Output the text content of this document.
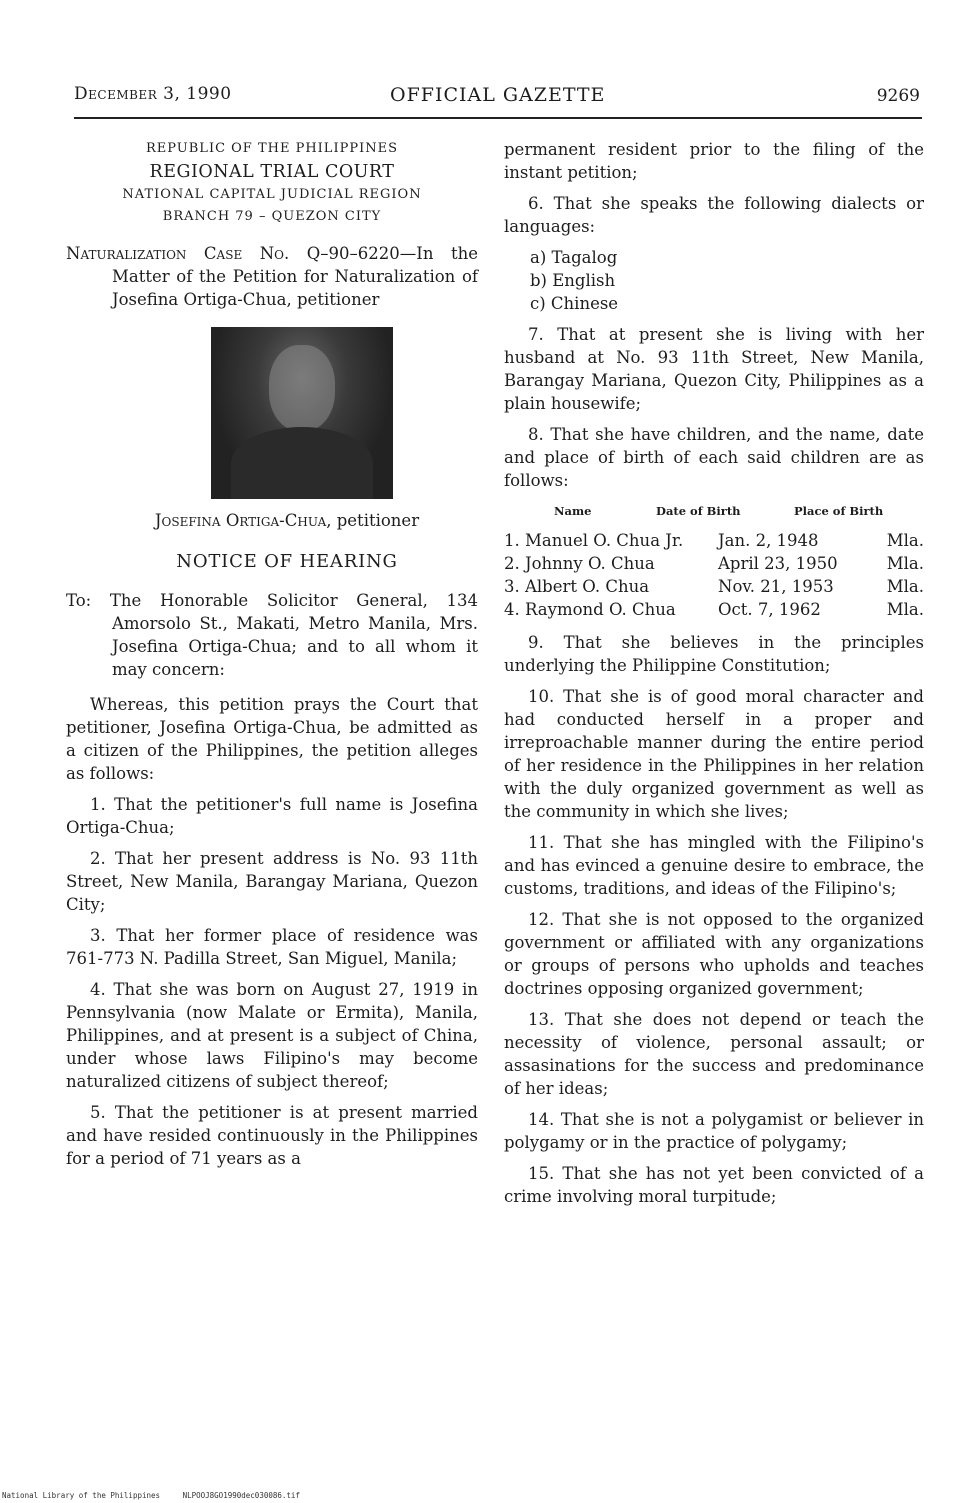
December 3, 1990	OFFICIAL GAZETTE	9269
REPUBLIC OF THE PHILIPPINES
REGIONAL TRIAL COURT
NATIONAL CAPITAL JUDICIAL REGION
BRANCH 79 – QUEZON CITY
Naturalization Case No. Q–90–6220—In the Matter of the Petition for Naturalization of Josefina Ortiga-Chua, petitioner
Josefina Ortiga-Chua, petitioner
NOTICE OF HEARING
To: The Honorable Solicitor General, 134 Amorsolo St., Makati, Metro Manila, Mrs. Josefina Ortiga-Chua; and to all whom it may concern:

Whereas, this petition prays the Court that petitioner, Josefina Ortiga-Chua, be admitted as a citizen of the Philippines, the petition alleges as follows:

1. That the petitioner's full name is Josefina Ortiga-Chua;

2. That her present address is No. 93 11th Street, New Manila, Barangay Mariana, Quezon City;

3. That her former place of residence was 761-773 N. Padilla Street, San Miguel, Manila;

4. That she was born on August 27, 1919 in Pennsylvania (now Malate or Ermita), Manila, Philippines, and at present is a subject of China, under whose laws Filipino's may become naturalized citizens of subject thereof;

5. That the petitioner is at present married and have resided continuously in the Philippines for a period of 71 years as a

permanent resident prior to the filing of the instant petition;

6. That she speaks the following dialects or languages:

a) Tagalog
b) English
c) Chinese

7. That at present she is living with her husband at No. 93 11th Street, New Manila, Barangay Mariana, Quezon City, Philippines as a plain housewife;

8. That she have children, and the name, date and place of birth of each said children are as follows:

Name	Date of Birth	Place of Birth
1. Manuel O. Chua Jr.	Jan. 2, 1948	Mla.
2. Johnny O. Chua	April 23, 1950	Mla.
3. Albert O. Chua	Nov. 21, 1953	Mla.
4. Raymond O. Chua	Oct. 7, 1962	Mla.

9. That she believes in the principles underlying the Philippine Constitution;

10. That she is of good moral character and had conducted herself in a proper and irreproachable manner during the entire period of her residence in the Philippines in her relation with the duly organized government as well as the community in which she lives;

11. That she has mingled with the Filipino's and has evinced a genuine desire to embrace, the customs, traditions, and ideas of the Filipino's;

12. That she is not opposed to the organized government or affiliated with any organizations or groups of persons who upholds and teaches doctrines opposing organized government;

13. That she does not depend or teach the necessity of violence, personal assault; or assasinations for the success and predominance of her ideas;

14. That she is not a polygamist or believer in polygamy or in the practice of polygamy;

15. That she has not yet been convicted of a crime involving moral turpitude;

National Library of the Philippines	NLPOOJ8GO1990dec030086.tif
